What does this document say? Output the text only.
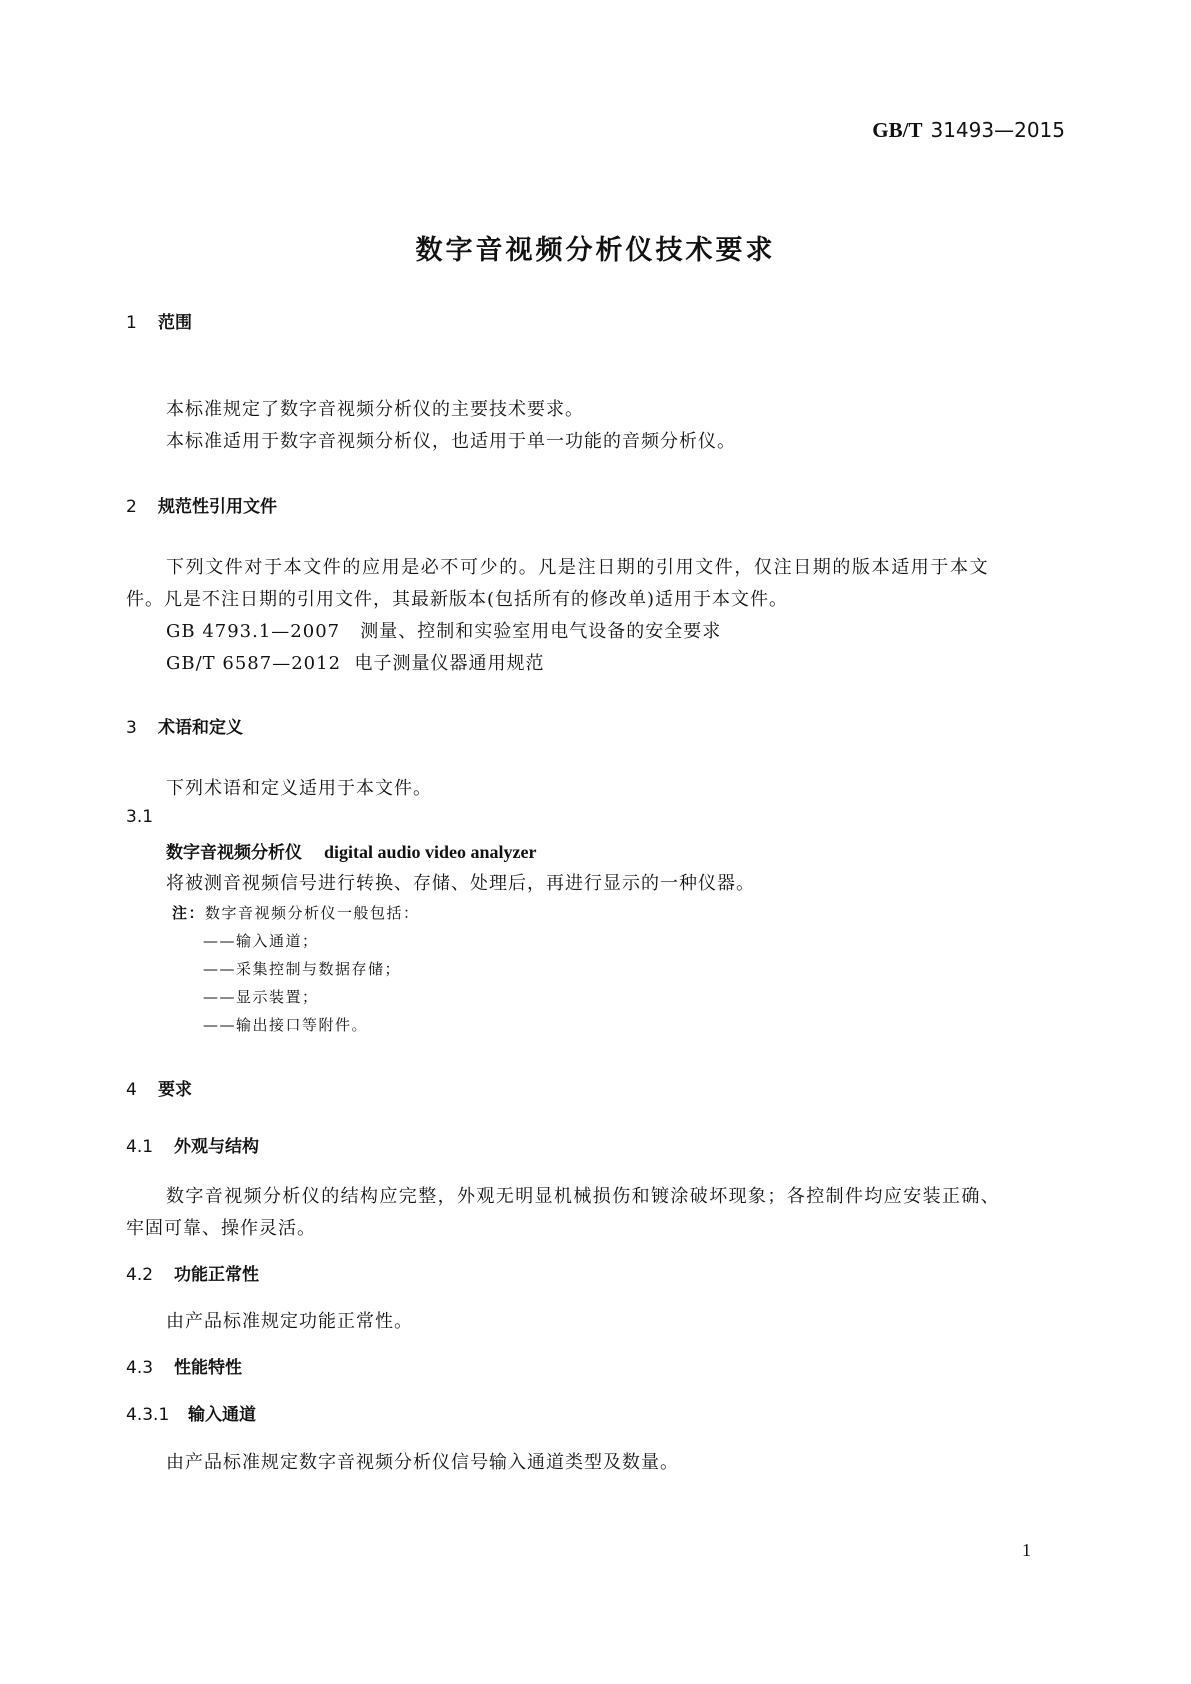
GB/T 31493—2015
数字音视频分析仪技术要求
1 范围
本标准规定了数字音视频分析仪的主要技术要求。
本标准适用于数字音视频分析仪，也适用于单一功能的音频分析仪。
2 规范性引用文件
下列文件对于本文件的应用是必不可少的。凡是注日期的引用文件，仅注日期的版本适用于本文
件。凡是不注日期的引用文件，其最新版本(包括所有的修改单)适用于本文件。
GB 4793.1—2007 测量、控制和实验室用电气设备的安全要求
GB/T 6587—2012 电子测量仪器通用规范
3 术语和定义
下列术语和定义适用于本文件。
3.1
数字音视频分析仪 digital audio video analyzer
将被测音视频信号进行转换、存储、处理后，再进行显示的一种仪器。
注：数字音视频分析仪一般包括：
——输入通道；
——采集控制与数据存储；
——显示装置；
——输出接口等附件。
4 要求
4.1 外观与结构
数字音视频分析仪的结构应完整，外观无明显机械损伤和镀涂破坏现象；各控制件均应安装正确、
牢固可靠、操作灵活。
4.2 功能正常性
由产品标准规定功能正常性。
4.3 性能特性
4.3.1 输入通道
由产品标准规定数字音视频分析仪信号输入通道类型及数量。
1
